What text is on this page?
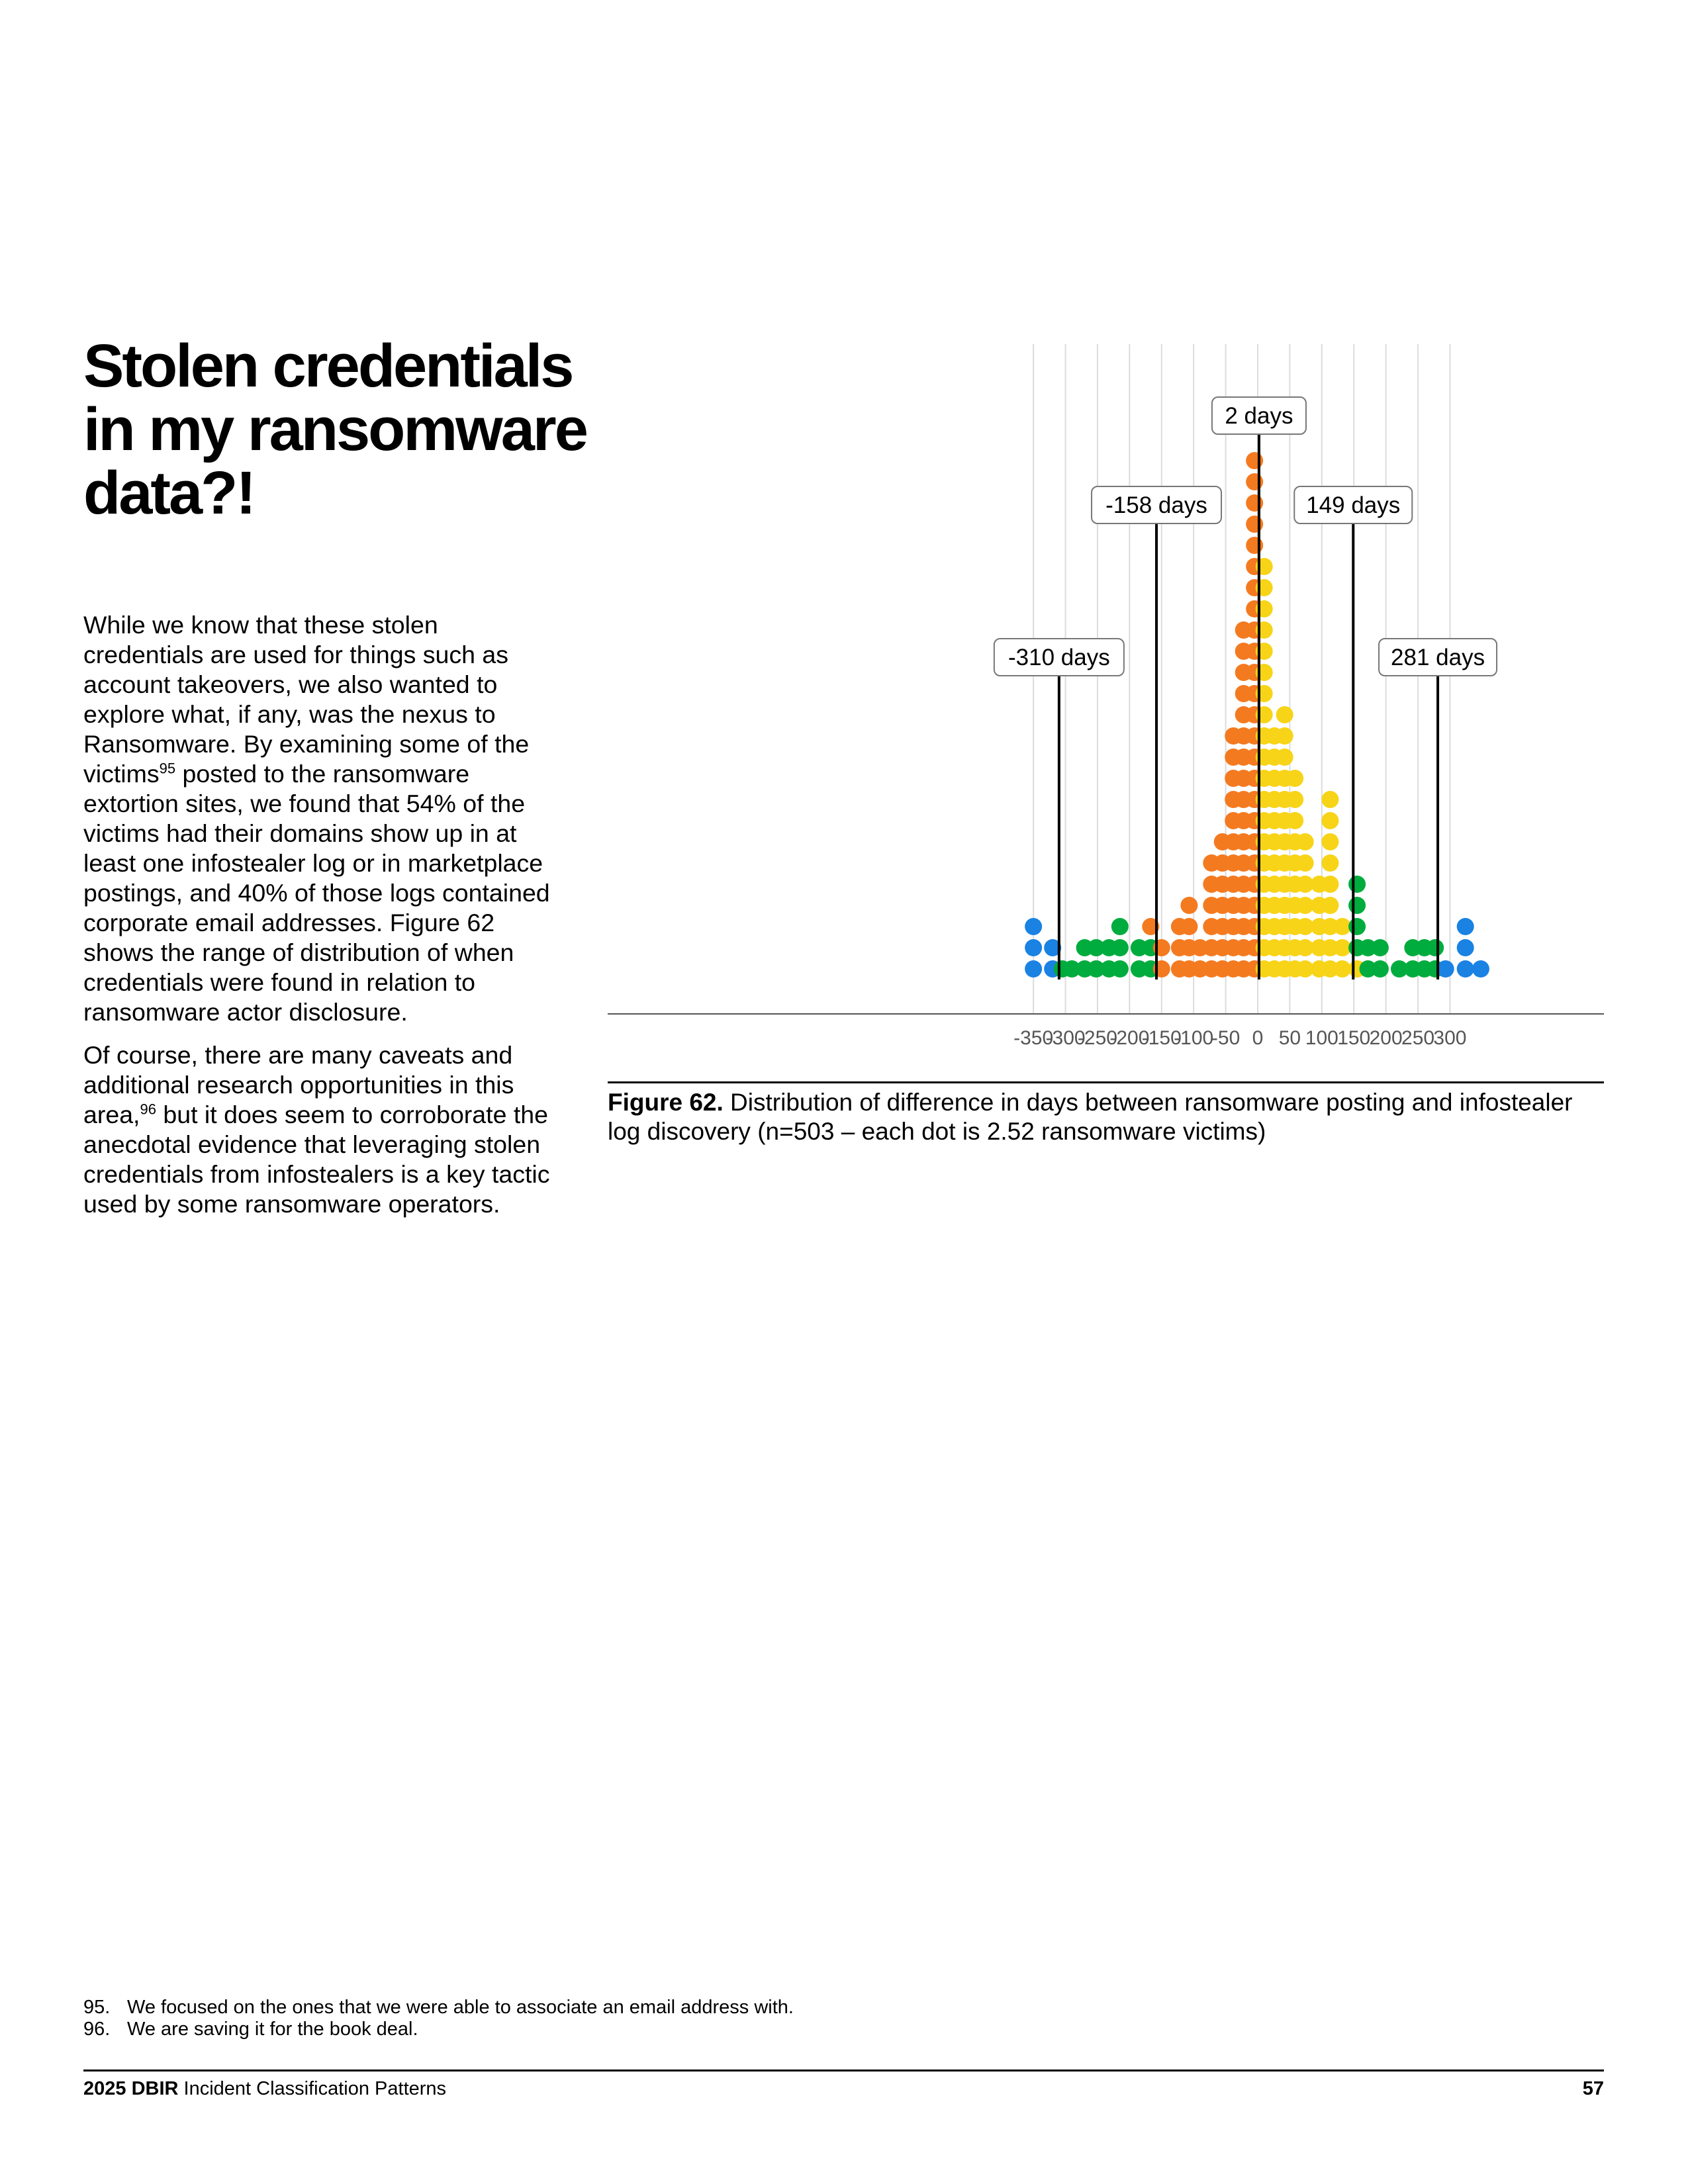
Stolen credentials in my ransomware data?!

While we know that these stolen credentials are used for things such as account takeovers, we also wanted to explore what, if any, was the nexus to Ransomware. By examining some of the victims$^{95}$ posted to the ransomware extortion sites, we found that 54% of the victims had their domains show up in at least one infostealer log or in marketplace postings, and 40% of those logs contained corporate email addresses. Figure 62 shows the range of distribution of when credentials were found in relation to ransomware actor disclosure.

Of course, there are many caveats and additional research opportunities in this area,$^{96}$ but it does seem to corroborate the anecdotal evidence that leveraging stolen credentials from infostealers is a key tactic used by some ransomware operators.

-310 days
-158 days
2 days
149 days
281 days
-350
-300
-250
-200
-150
-100
-50 0 50 100
150
200
250
300

Figure 62. Distribution of difference in days between ransomware posting and infostealer log discovery (n=503 – each dot is 2.52 ransomware victims)

95. We focused on the ones that we were able to associate an email address with.
96. We are saving it for the book deal.
2025 DBIR Incident Classification Patterns	57
